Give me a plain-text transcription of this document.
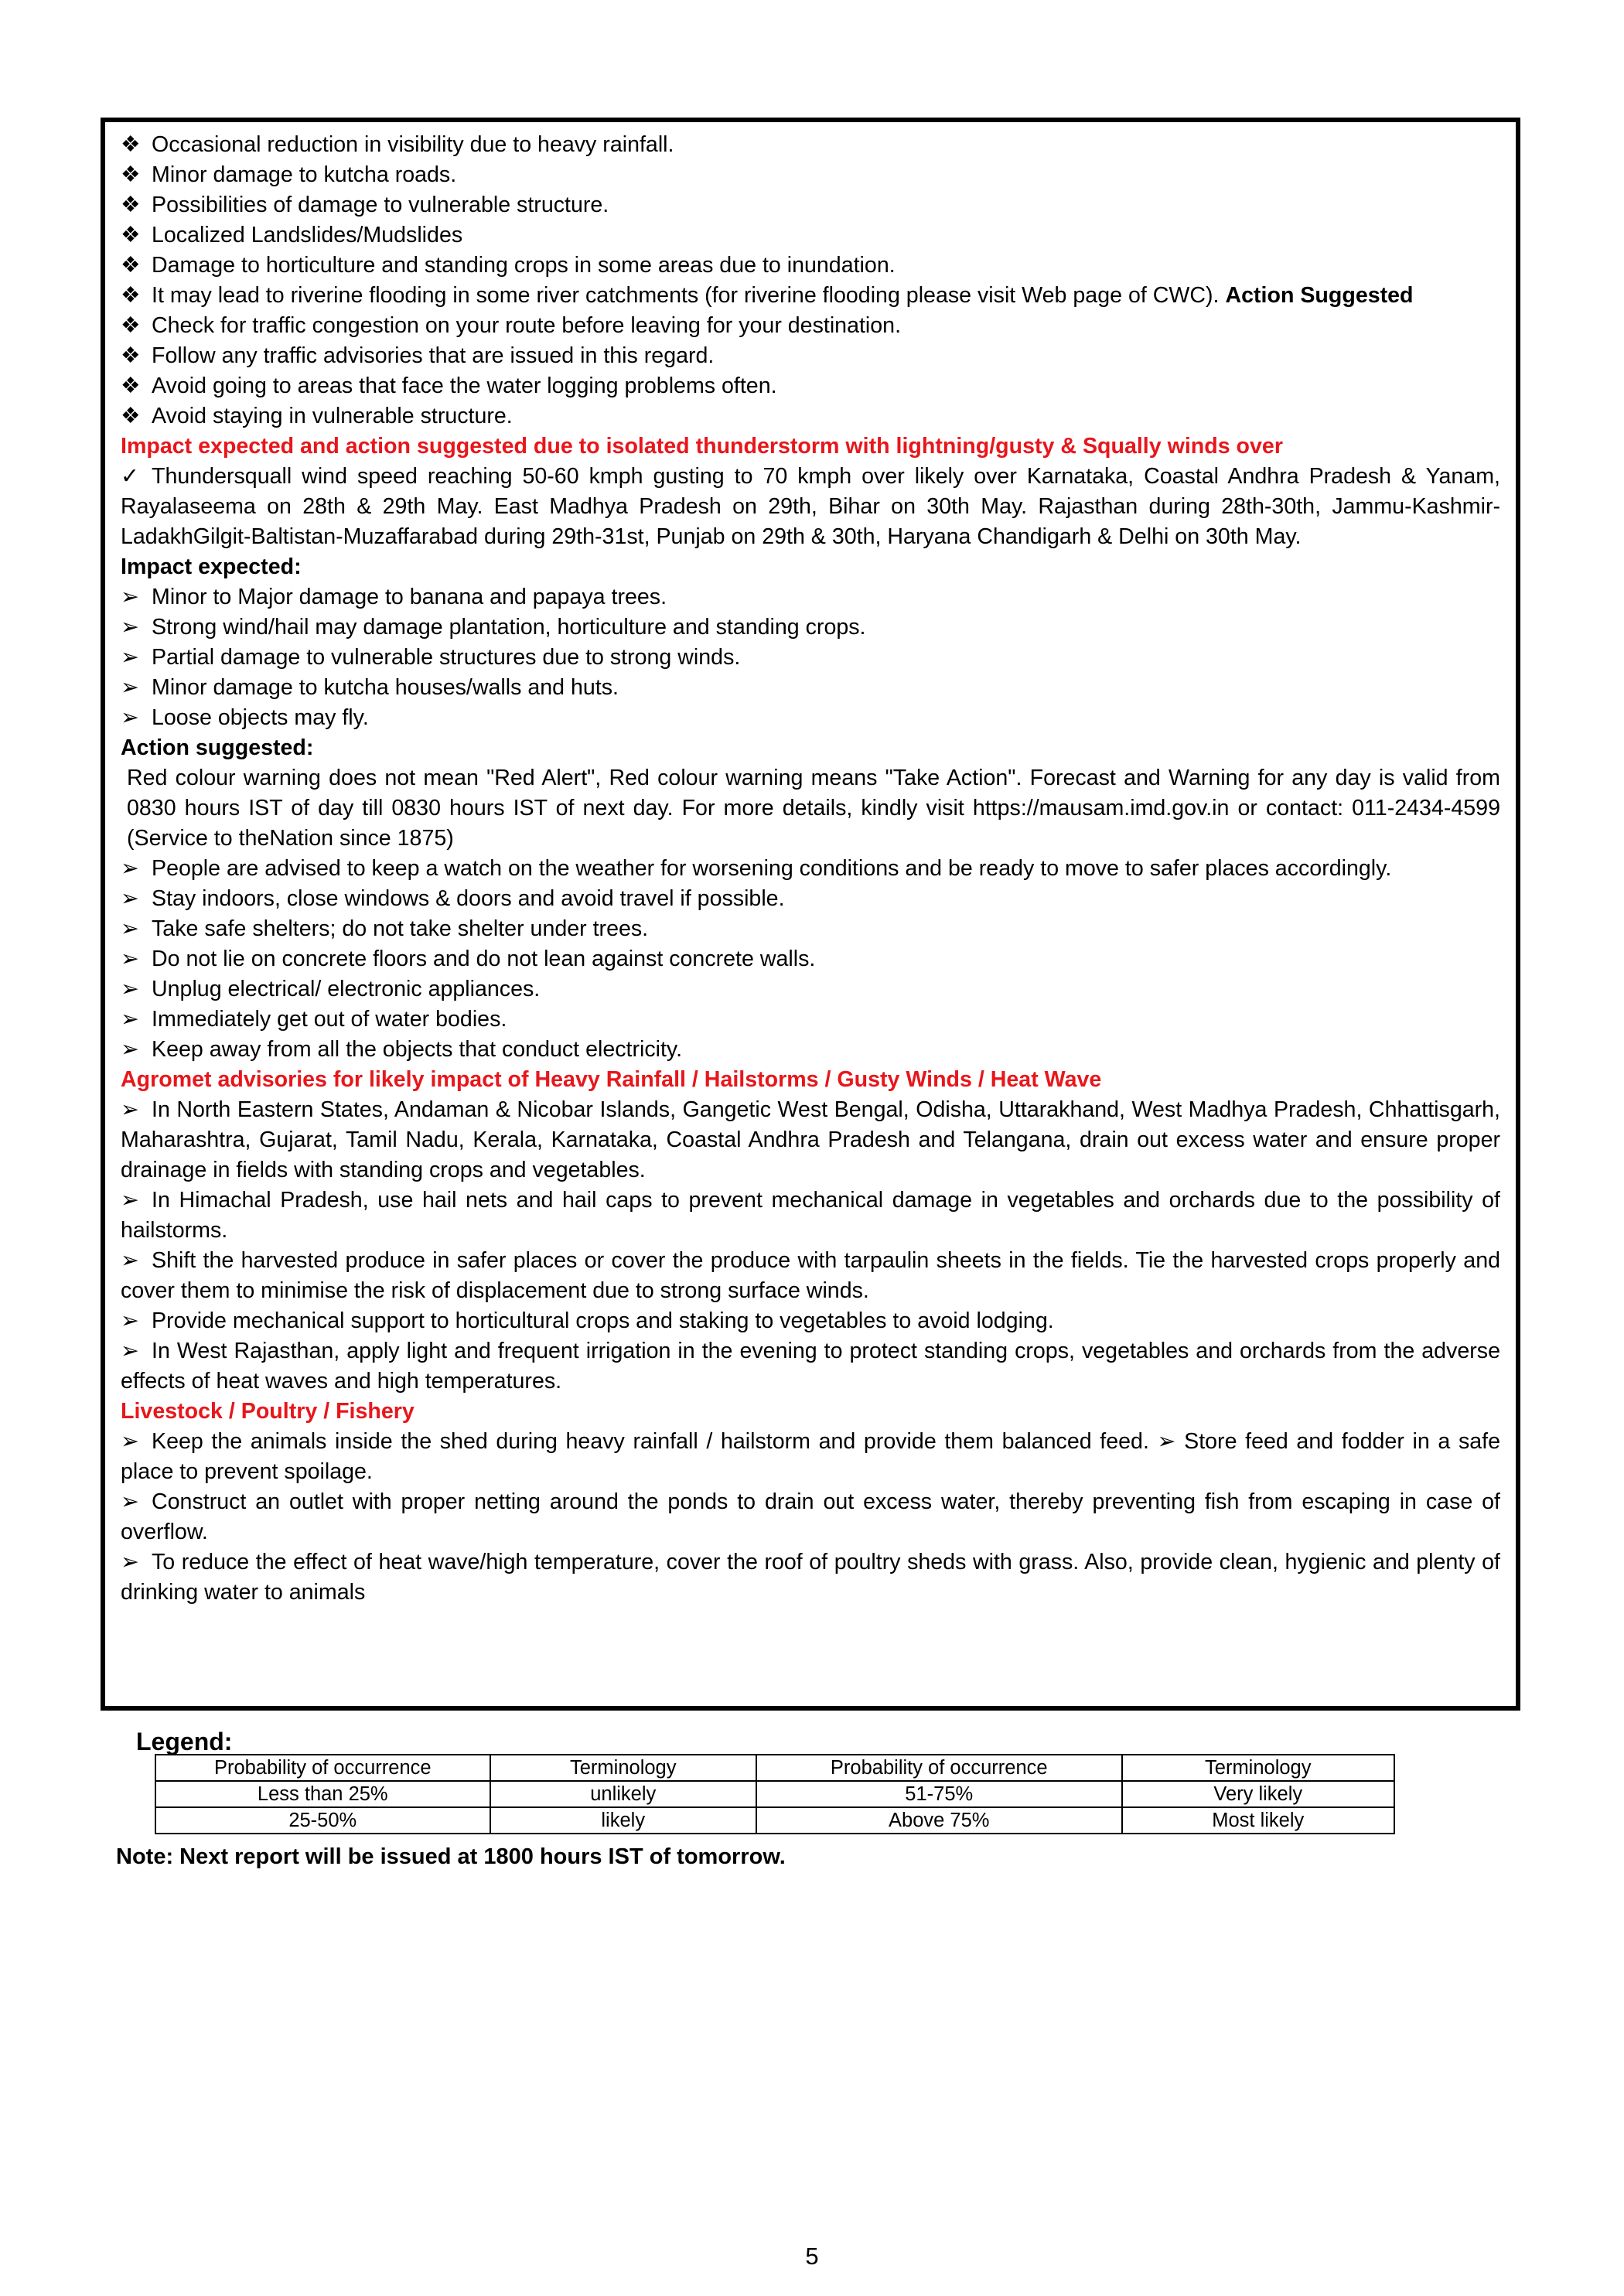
❖ Occasional reduction in visibility due to heavy rainfall.
❖ Minor damage to kutcha roads.
❖ Possibilities of damage to vulnerable structure.
❖ Localized Landslides/Mudslides
❖ Damage to horticulture and standing crops in some areas due to inundation.
❖ It may lead to riverine flooding in some river catchments (for riverine flooding please visit Web page of CWC). Action Suggested
❖ Check for traffic congestion on your route before leaving for your destination.
❖ Follow any traffic advisories that are issued in this regard.
❖ Avoid going to areas that face the water logging problems often.
❖ Avoid staying in vulnerable structure.
Impact expected and action suggested due to isolated thunderstorm with lightning/gusty & Squally winds over
✓ Thundersquall wind speed reaching 50-60 kmph gusting to 70 kmph over likely over Karnataka, Coastal Andhra Pradesh & Yanam, Rayalaseema on 28th & 29th May. East Madhya Pradesh on 29th, Bihar on 30th May. Rajasthan during 28th-30th, Jammu-Kashmir-LadakhGilgit-Baltistan-Muzaffarabad during 29th-31st, Punjab on 29th & 30th, Haryana Chandigarh & Delhi on 30th May.
Impact expected:
➢ Minor to Major damage to banana and papaya trees.
➢ Strong wind/hail may damage plantation, horticulture and standing crops.
➢ Partial damage to vulnerable structures due to strong winds.
➢ Minor damage to kutcha houses/walls and huts.
➢ Loose objects may fly.
Action suggested:
Red colour warning does not mean "Red Alert", Red colour warning means "Take Action". Forecast and Warning for any day is valid from 0830 hours IST of day till 0830 hours IST of next day. For more details, kindly visit https://mausam.imd.gov.in or contact: 011-2434-4599 (Service to theNation since 1875)
➢ People are advised to keep a watch on the weather for worsening conditions and be ready to move to safer places accordingly.
➢ Stay indoors, close windows & doors and avoid travel if possible.
➢ Take safe shelters; do not take shelter under trees.
➢ Do not lie on concrete floors and do not lean against concrete walls.
➢ Unplug electrical/ electronic appliances.
➢ Immediately get out of water bodies.
➢ Keep away from all the objects that conduct electricity.
Agromet advisories for likely impact of Heavy Rainfall / Hailstorms / Gusty Winds / Heat Wave
➢ In North Eastern States, Andaman & Nicobar Islands, Gangetic West Bengal, Odisha, Uttarakhand, West Madhya Pradesh, Chhattisgarh, Maharashtra, Gujarat, Tamil Nadu, Kerala, Karnataka, Coastal Andhra Pradesh and Telangana, drain out excess water and ensure proper drainage in fields with standing crops and vegetables.
➢ In Himachal Pradesh, use hail nets and hail caps to prevent mechanical damage in vegetables and orchards due to the possibility of hailstorms.
➢ Shift the harvested produce in safer places or cover the produce with tarpaulin sheets in the fields. Tie the harvested crops properly and cover them to minimise the risk of displacement due to strong surface winds.
➢ Provide mechanical support to horticultural crops and staking to vegetables to avoid lodging.
➢ In West Rajasthan, apply light and frequent irrigation in the evening to protect standing crops, vegetables and orchards from the adverse effects of heat waves and high temperatures.
Livestock / Poultry / Fishery
➢ Keep the animals inside the shed during heavy rainfall / hailstorm and provide them balanced feed. ➢ Store feed and fodder in a safe place to prevent spoilage.
➢ Construct an outlet with proper netting around the ponds to drain out excess water, thereby preventing fish from escaping in case of overflow.
➢ To reduce the effect of heat wave/high temperature, cover the roof of poultry sheds with grass. Also, provide clean, hygienic and plenty of drinking water to animals
Legend:
Probability of occurrence	Terminology	Probability of occurrence	Terminology
Less than 25%	unlikely	51-75%	Very likely
25-50%	likely	Above 75%	Most likely
Note: Next report will be issued at 1800 hours IST of tomorrow.
5
